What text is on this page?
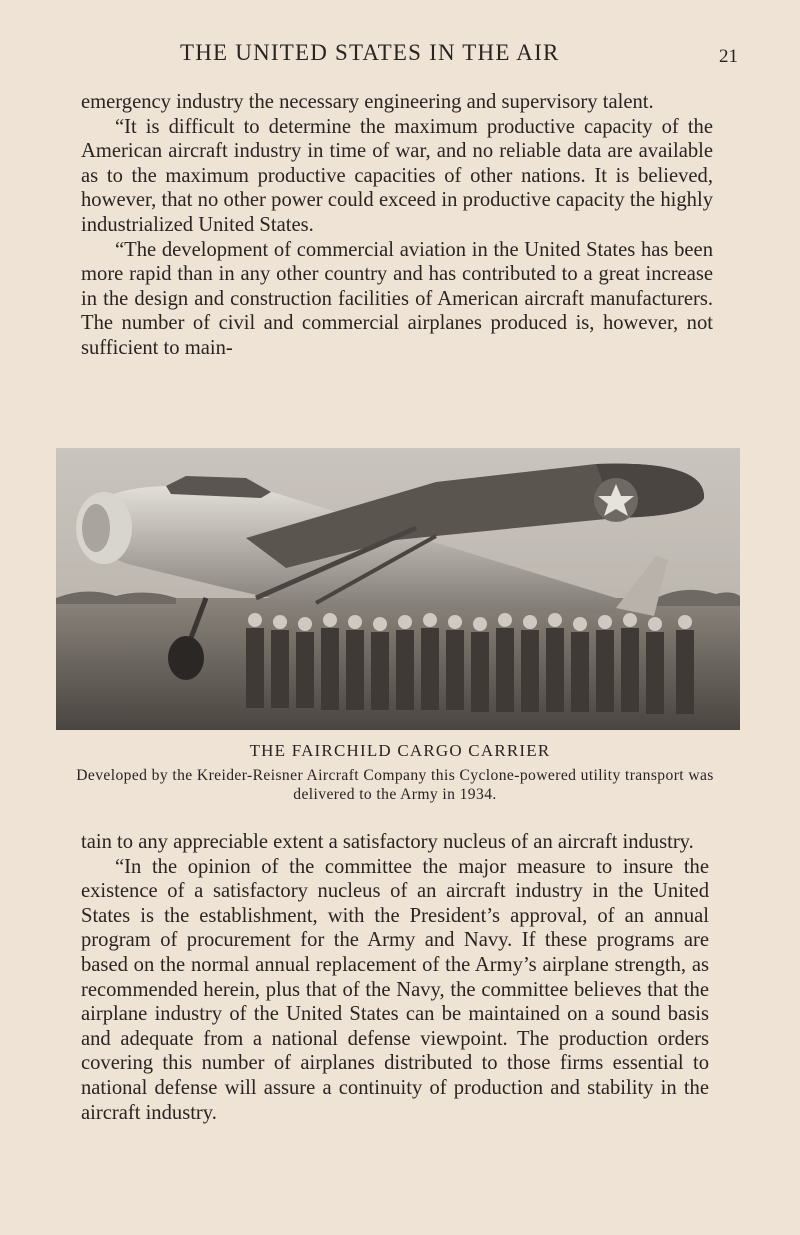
THE UNITED STATES IN THE AIR	21

emergency industry the necessary engineering and supervisory talent.

“It is difficult to determine the maximum productive capacity of the American aircraft industry in time of war, and no reliable data are available as to the maximum productive capacities of other nations. It is believed, however, that no other power could exceed in productive capacity the highly industrialized United States.

“The development of commercial aviation in the United States has been more rapid than in any other country and has contributed to a great increase in the design and construction facilities of American aircraft manufacturers. The number of civil and commercial airplanes produced is, however, not sufficient to main-

THE FAIRCHILD CARGO CARRIER
Developed by the Kreider-Reisner Aircraft Company this Cyclone-powered utility transport was delivered to the Army in 1934.

tain to any appreciable extent a satisfactory nucleus of an aircraft industry.

“In the opinion of the committee the major measure to insure the existence of a satisfactory nucleus of an aircraft industry in the United States is the establishment, with the President’s approval, of an annual program of procurement for the Army and Navy. If these programs are based on the normal annual replacement of the Army’s airplane strength, as recommended herein, plus that of the Navy, the committee believes that the airplane industry of the United States can be maintained on a sound basis and adequate from a national defense viewpoint. The production orders covering this number of airplanes distributed to those firms essential to national defense will assure a continuity of production and stability in the aircraft industry.
